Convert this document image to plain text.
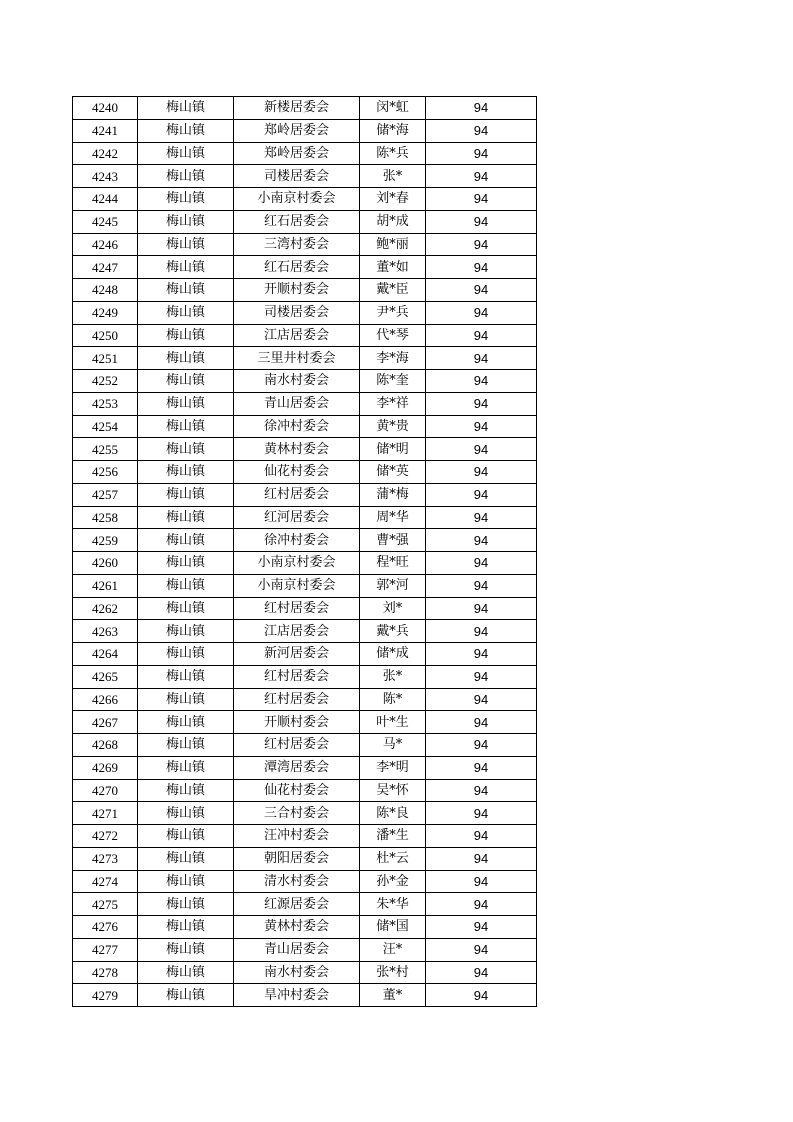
4240	梅山镇	新楼居委会	闵*虹	94
4241	梅山镇	郑岭居委会	储*海	94
4242	梅山镇	郑岭居委会	陈*兵	94
4243	梅山镇	司楼居委会	张*	94
4244	梅山镇	小南京村委会	刘*春	94
4245	梅山镇	红石居委会	胡*成	94
4246	梅山镇	三湾村委会	鲍*丽	94
4247	梅山镇	红石居委会	董*如	94
4248	梅山镇	开顺村委会	戴*臣	94
4249	梅山镇	司楼居委会	尹*兵	94
4250	梅山镇	江店居委会	代*琴	94
4251	梅山镇	三里井村委会	李*海	94
4252	梅山镇	南水村委会	陈*奎	94
4253	梅山镇	青山居委会	李*祥	94
4254	梅山镇	徐冲村委会	黄*贵	94
4255	梅山镇	黄林村委会	储*明	94
4256	梅山镇	仙花村委会	储*英	94
4257	梅山镇	红村居委会	蒲*梅	94
4258	梅山镇	红河居委会	周*华	94
4259	梅山镇	徐冲村委会	曹*强	94
4260	梅山镇	小南京村委会	程*旺	94
4261	梅山镇	小南京村委会	郭*河	94
4262	梅山镇	红村居委会	刘*	94
4263	梅山镇	江店居委会	戴*兵	94
4264	梅山镇	新河居委会	储*成	94
4265	梅山镇	红村居委会	张*	94
4266	梅山镇	红村居委会	陈*	94
4267	梅山镇	开顺村委会	叶*生	94
4268	梅山镇	红村居委会	马*	94
4269	梅山镇	潭湾居委会	李*明	94
4270	梅山镇	仙花村委会	吴*怀	94
4271	梅山镇	三合村委会	陈*良	94
4272	梅山镇	汪冲村委会	潘*生	94
4273	梅山镇	朝阳居委会	杜*云	94
4274	梅山镇	清水村委会	孙*金	94
4275	梅山镇	红源居委会	朱*华	94
4276	梅山镇	黄林村委会	储*国	94
4277	梅山镇	青山居委会	汪*	94
4278	梅山镇	南水村委会	张*村	94
4279	梅山镇	旱冲村委会	董*	94
